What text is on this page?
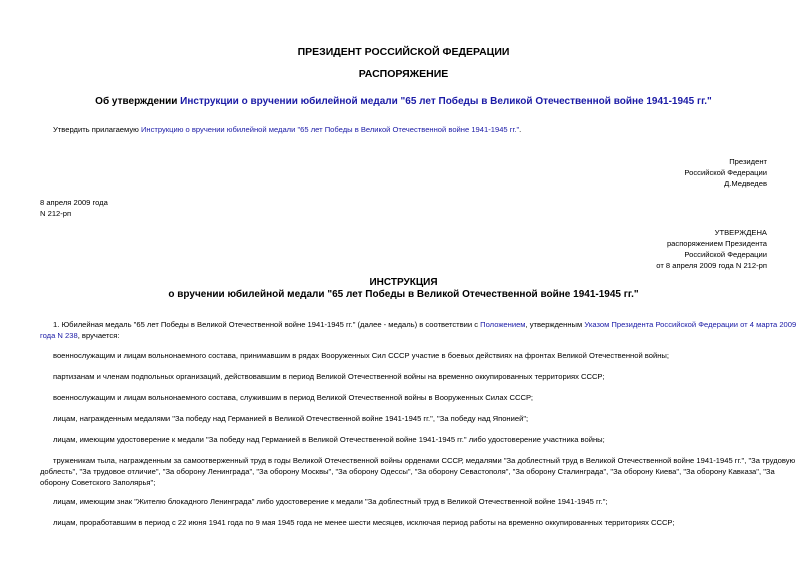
ПРЕЗИДЕНТ РОССИЙСКОЙ ФЕДЕРАЦИИ
РАСПОРЯЖЕНИЕ
Об утверждении Инструкции о вручении юбилейной медали "65 лет Победы в Великой Отечественной войне 1941-1945 гг."
Утвердить прилагаемую Инструкцию о вручении юбилейной медали "65 лет Победы в Великой Отечественной войне 1941-1945 гг.".
Президент
Российской Федерации
Д.Медведев
8 апреля 2009 года
N 212-рп
УТВЕРЖДЕНА
распоряжением Президента
Российской Федерации
от 8 апреля 2009 года N 212-рп
ИНСТРУКЦИЯ
о вручении юбилейной медали "65 лет Победы в Великой Отечественной войне 1941-1945 гг."
1. Юбилейная медаль "65 лет Победы в Великой Отечественной войне 1941-1945 гг." (далее - медаль) в соответствии с Положением, утвержденным Указом Президента Российской Федерации от 4 марта 2009
года N 238, вручается:
военнослужащим и лицам вольнонаемного состава, принимавшим в рядах Вооруженных Сил СССР участие в боевых действиях на фронтах Великой Отечественной войны;
партизанам и членам подпольных организаций, действовавшим в период Великой Отечественной войны на временно оккупированных территориях СССР;
военнослужащим и лицам вольнонаемного состава, служившим в период Великой Отечественной войны в Вооруженных Силах СССР;
лицам, награжденным медалями "За победу над Германией в Великой Отечественной войне 1941-1945 гг.", "За победу над Японией";
лицам, имеющим удостоверение к медали "За победу над Германией в Великой Отечественной войне 1941-1945 гг." либо удостоверение участника войны;
труженикам тыла, награжденным за самоотверженный труд в годы Великой Отечественной войны орденами СССР, медалями "За доблестный труд в Великой Отечественной войне 1941-1945 гг.", "За трудовую
доблесть", "За трудовое отличие", "За оборону Ленинграда", "За оборону Москвы", "За оборону Одессы", "За оборону Севастополя", "За оборону Сталинграда", "За оборону Киева", "За оборону Кавказа", "За
оборону Советского Заполярья";
лицам, имеющим знак "Жителю блокадного Ленинграда" либо удостоверение к медали "За доблестный труд в Великой Отечественной войне 1941-1945 гг.";
лицам, проработавшим в период с 22 июня 1941 года по 9 мая 1945 года не менее шести месяцев, исключая период работы на временно оккупированных территориях СССР;
